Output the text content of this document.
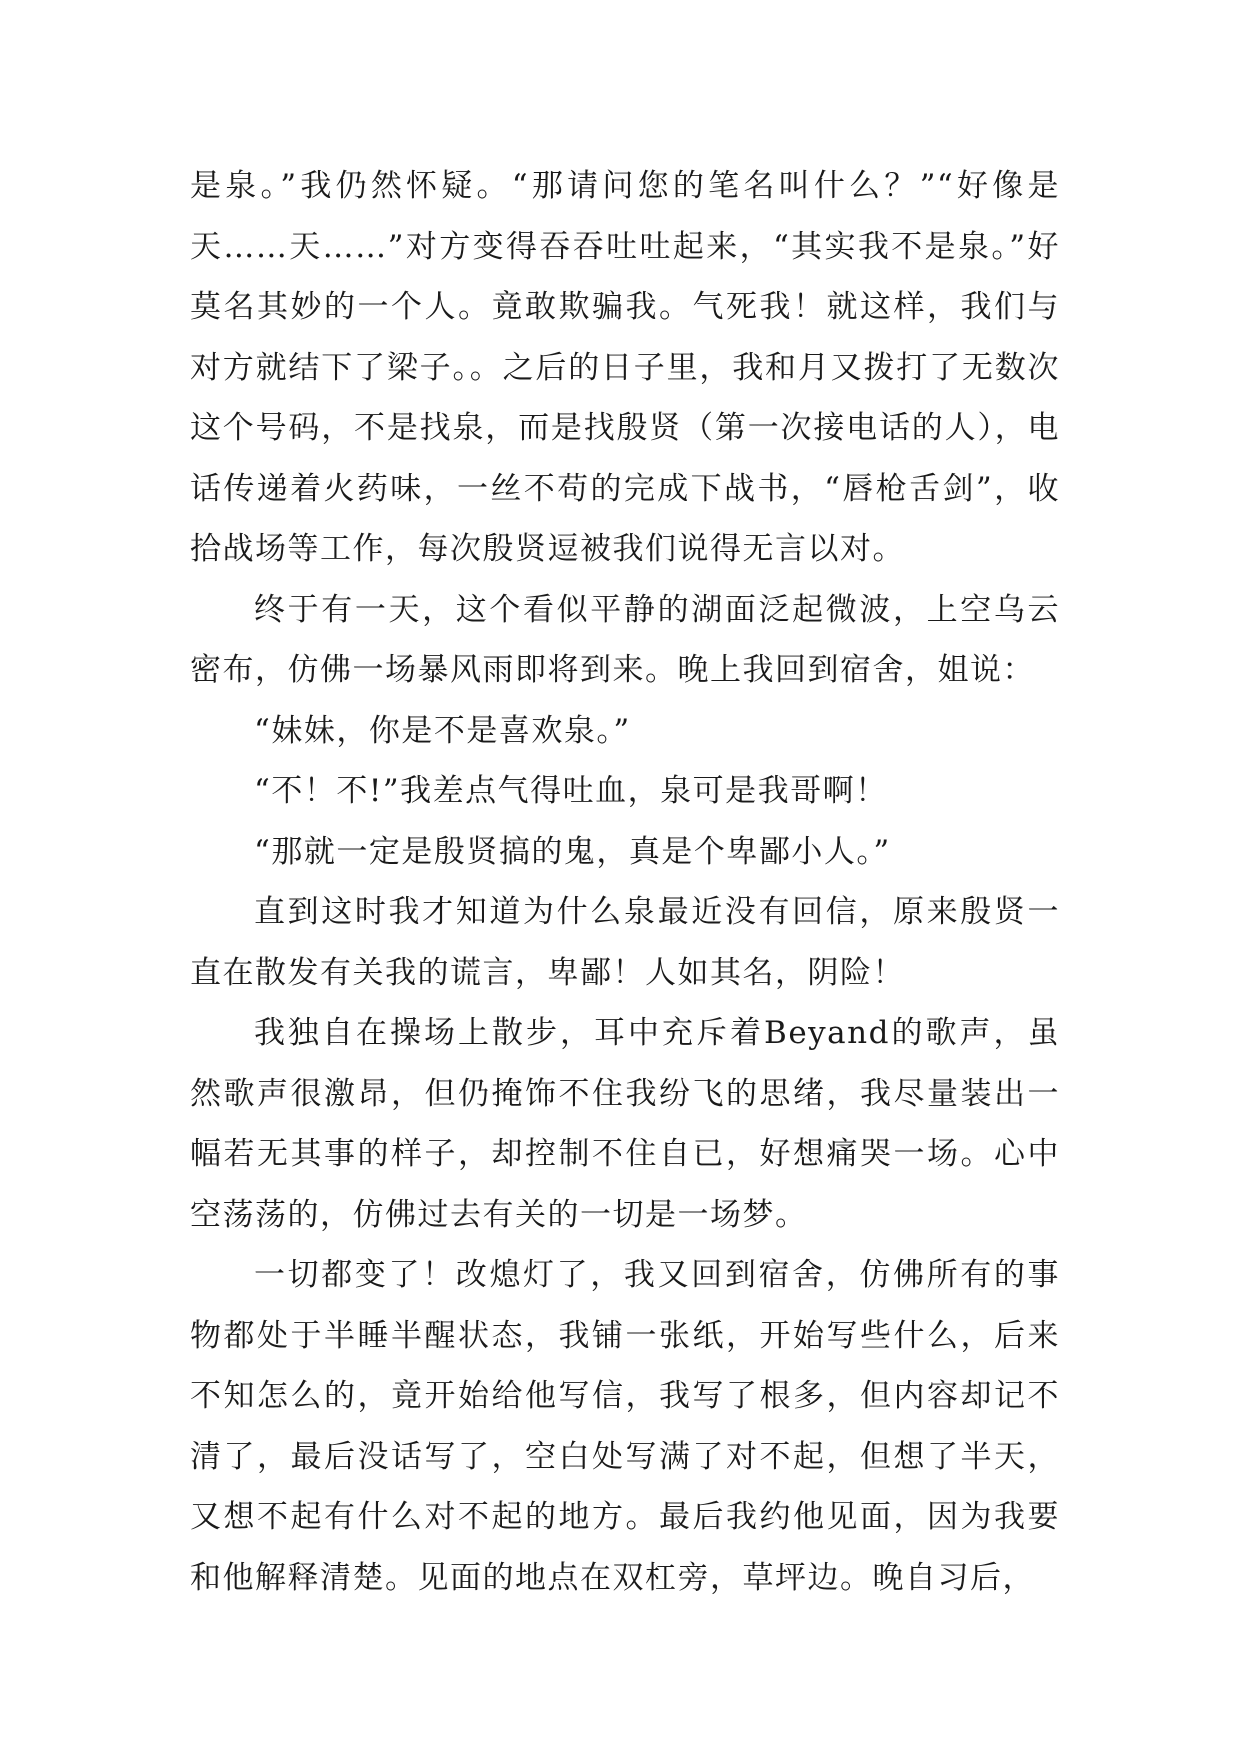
是泉。”我仍然怀疑。“那请问您的笔名叫什么？”“好像是天……天……”对方变得吞吞吐吐起来，“其实我不是泉。”好莫名其妙的一个人。竟敢欺骗我。气死我！就这样，我们与对方就结下了梁子。。之后的日子里，我和月又拨打了无数次这个号码，不是找泉，而是找殷贤（第一次接电话的人），电话传递着火药味，一丝不苟的完成下战书，“唇枪舌剑”，收拾战场等工作，每次殷贤逗被我们说得无言以对。

终于有一天，这个看似平静的湖面泛起微波，上空乌云密布，仿佛一场暴风雨即将到来。晚上我回到宿舍，姐说：

“妹妹，你是不是喜欢泉。”

“不！不!”我差点气得吐血，泉可是我哥啊！

“那就一定是殷贤搞的鬼，真是个卑鄙小人。”

直到这时我才知道为什么泉最近没有回信，原来殷贤一直在散发有关我的谎言，卑鄙！人如其名，阴险！

我独自在操场上散步，耳中充斥着Beyand的歌声，虽然歌声很激昂，但仍掩饰不住我纷飞的思绪，我尽量装出一幅若无其事的样子，却控制不住自已，好想痛哭一场。心中空荡荡的，仿佛过去有关的一切是一场梦。

一切都变了！改熄灯了，我又回到宿舍，仿佛所有的事物都处于半睡半醒状态，我铺一张纸，开始写些什么，后来不知怎么的，竟开始给他写信，我写了根多，但内容却记不清了，最后没话写了，空白处写满了对不起，但想了半天，又想不起有什么对不起的地方。最后我约他见面，因为我要和他解释清楚。见面的地点在双杠旁，草坪边。晚自习后，
